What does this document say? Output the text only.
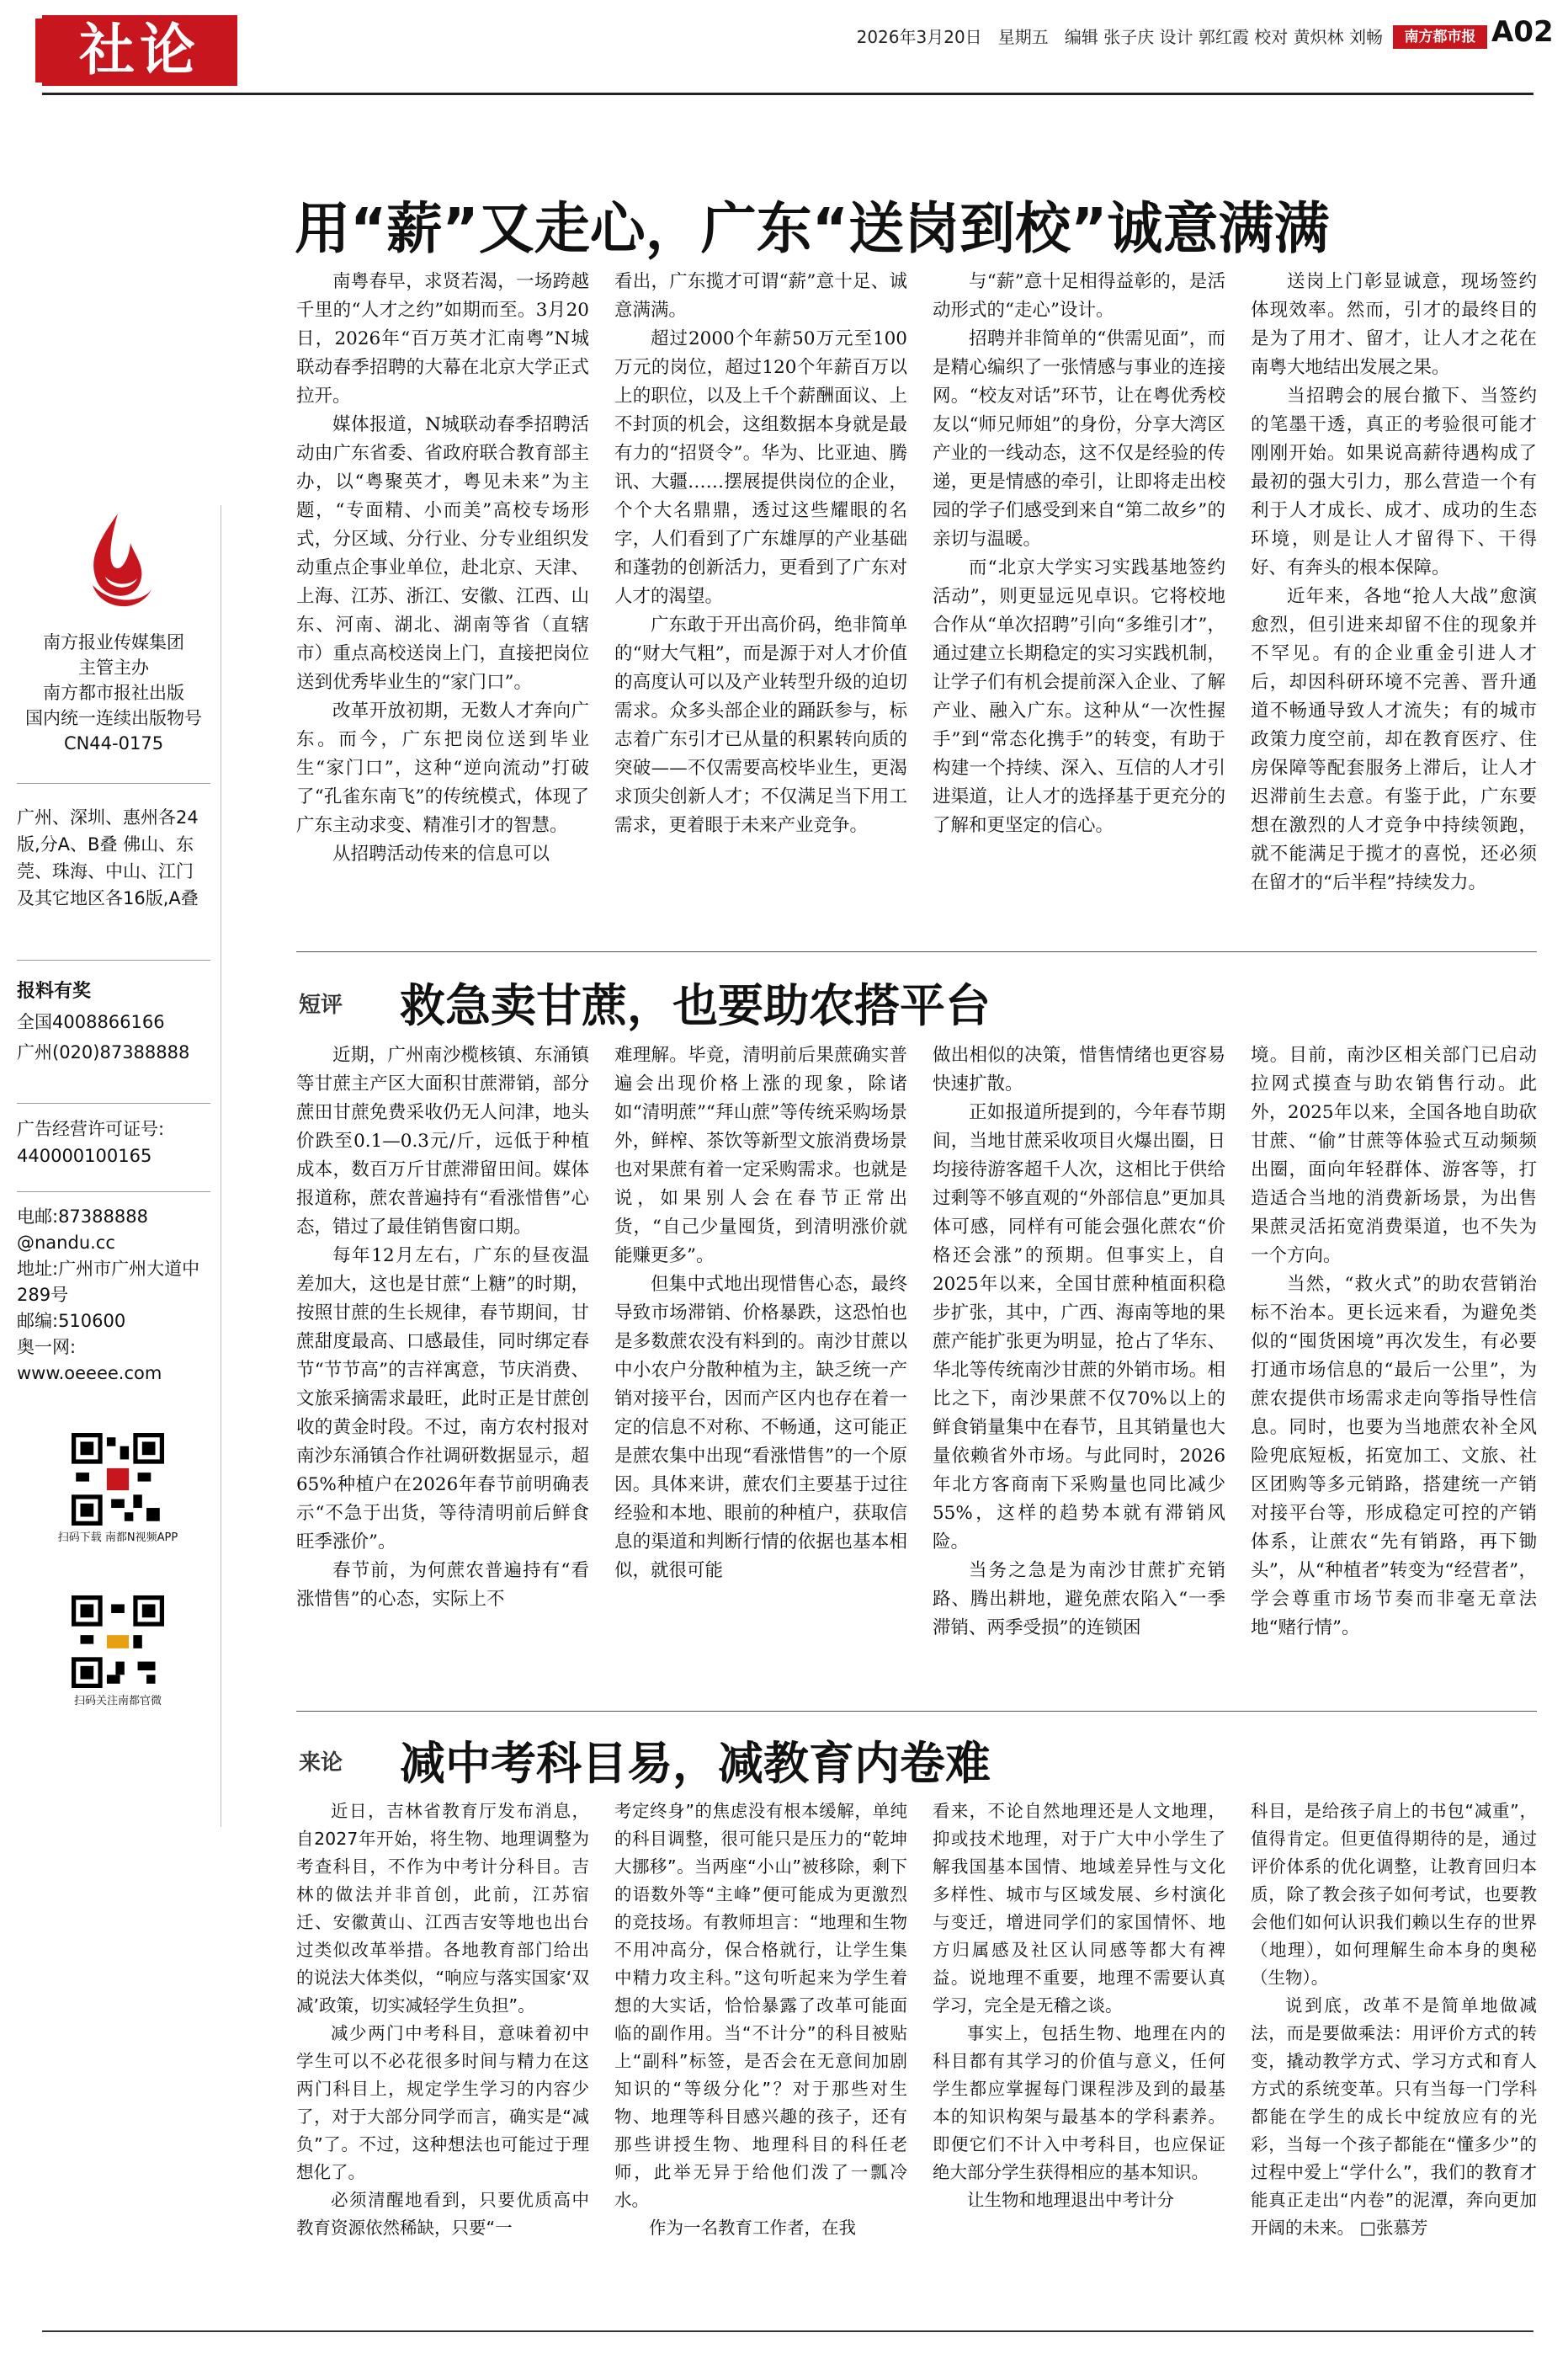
社论	2026年3月20日 星期五 编辑 张子庆 设计 郭红霞 校对 黄炽林 刘畅	南方都市报 A02
南方报业传媒集团
主管主办
南方都市报社出版
国内统一连续出版物号
CN44-0175
广州、深圳、惠州各24版,分A、B叠 佛山、东莞、珠海、中山、江门及其它地区各16版,A叠
报料有奖
全国4008866166
广州(020)87388888
广告经营许可证号:
440000100165
电邮:87388888
@nandu.cc
地址:广州市广州大道中289号
邮编:510600
奥一网:
www.oeeee.com
扫码下载 南都N视频APP
扫码关注南都官微
用“薪”又走心，广东“送岗到校”诚意满满

南粤春早，求贤若渴，一场跨越千里的“人才之约”如期而至。3月20日，2026年“百万英才汇南粤”N城联动春季招聘的大幕在北京大学正式拉开。

媒体报道，N城联动春季招聘活动由广东省委、省政府联合教育部主办，以“粤聚英才，粤见未来”为主题，“专面精、小而美”高校专场形式，分区域、分行业、分专业组织发动重点企事业单位，赴北京、天津、上海、江苏、浙江、安徽、江西、山东、河南、湖北、湖南等省（直辖市）重点高校送岗上门，直接把岗位送到优秀毕业生的“家门口”。

改革开放初期，无数人才奔向广东。而今，广东把岗位送到毕业生“家门口”，这种“逆向流动”打破了“孔雀东南飞”的传统模式，体现了广东主动求变、精准引才的智慧。

从招聘活动传来的信息可以

看出，广东揽才可谓“薪”意十足、诚意满满。

超过2000个年薪50万元至100万元的岗位，超过120个年薪百万以上的职位，以及上千个薪酬面议、上不封顶的机会，这组数据本身就是最有力的“招贤令”。华为、比亚迪、腾讯、大疆……摆展提供岗位的企业，个个大名鼎鼎，透过这些耀眼的名字，人们看到了广东雄厚的产业基础和蓬勃的创新活力，更看到了广东对人才的渴望。

广东敢于开出高价码，绝非简单的“财大气粗”，而是源于对人才价值的高度认可以及产业转型升级的迫切需求。众多头部企业的踊跃参与，标志着广东引才已从量的积累转向质的突破——不仅需要高校毕业生，更渴求顶尖创新人才；不仅满足当下用工需求，更着眼于未来产业竞争。

与“薪”意十足相得益彰的，是活动形式的“走心”设计。

招聘并非简单的“供需见面”，而是精心编织了一张情感与事业的连接网。“校友对话”环节，让在粤优秀校友以“师兄师姐”的身份，分享大湾区产业的一线动态，这不仅是经验的传递，更是情感的牵引，让即将走出校园的学子们感受到来自“第二故乡”的亲切与温暖。

而“北京大学实习实践基地签约活动”，则更显远见卓识。它将校地合作从“单次招聘”引向“多维引才”，通过建立长期稳定的实习实践机制，让学子们有机会提前深入企业、了解产业、融入广东。这种从“一次性握手”到“常态化携手”的转变，有助于构建一个持续、深入、互信的人才引进渠道，让人才的选择基于更充分的了解和更坚定的信心。

送岗上门彰显诚意，现场签约体现效率。然而，引才的最终目的是为了用才、留才，让人才之花在南粤大地结出发展之果。

当招聘会的展台撤下、当签约的笔墨干透，真正的考验很可能才刚刚开始。如果说高薪待遇构成了最初的强大引力，那么营造一个有利于人才成长、成才、成功的生态环境，则是让人才留得下、干得好、有奔头的根本保障。

近年来，各地“抢人大战”愈演愈烈，但引进来却留不住的现象并不罕见。有的企业重金引进人才后，却因科研环境不完善、晋升通道不畅通导致人才流失；有的城市政策力度空前，却在教育医疗、住房保障等配套服务上滞后，让人才迟滞前生去意。有鉴于此，广东要想在激烈的人才竞争中持续领跑，就不能满足于揽才的喜悦，还必须在留才的“后半程”持续发力。

短评 救急卖甘蔗，也要助农搭平台

近期，广州南沙榄核镇、东涌镇等甘蔗主产区大面积甘蔗滞销，部分蔗田甘蔗免费采收仍无人问津，地头价跌至0.1—0.3元/斤，远低于种植成本，数百万斤甘蔗滞留田间。媒体报道称，蔗农普遍持有“看涨惜售”心态，错过了最佳销售窗口期。

每年12月左右，广东的昼夜温差加大，这也是甘蔗“上糖”的时期，按照甘蔗的生长规律，春节期间，甘蔗甜度最高、口感最佳，同时绑定春节“节节高”的吉祥寓意，节庆消费、文旅采摘需求最旺，此时正是甘蔗创收的黄金时段。不过，南方农村报对南沙东涌镇合作社调研数据显示，超65%种植户在2026年春节前明确表示“不急于出货，等待清明前后鲜食旺季涨价”。

春节前，为何蔗农普遍持有“看涨惜售”的心态，实际上不

难理解。毕竟，清明前后果蔗确实普遍会出现价格上涨的现象，除诸如“清明蔗”“拜山蔗”等传统采购场景外，鲜榨、茶饮等新型文旅消费场景也对果蔗有着一定采购需求。也就是说，如果别人会在春节正常出货，“自己少量囤货，到清明涨价就能赚更多”。

但集中式地出现惜售心态，最终导致市场滞销、价格暴跌，这恐怕也是多数蔗农没有料到的。南沙甘蔗以中小农户分散种植为主，缺乏统一产销对接平台，因而产区内也存在着一定的信息不对称、不畅通，这可能正是蔗农集中出现“看涨惜售”的一个原因。具体来讲，蔗农们主要基于过往经验和本地、眼前的种植户，获取信息的渠道和判断行情的依据也基本相似，就很可能

做出相似的决策，惜售情绪也更容易快速扩散。

正如报道所提到的，今年春节期间，当地甘蔗采收项目火爆出圈，日均接待游客超千人次，这相比于供给过剩等不够直观的“外部信息”更加具体可感，同样有可能会强化蔗农“价格还会涨”的预期。但事实上，自2025年以来，全国甘蔗种植面积稳步扩张，其中，广西、海南等地的果蔗产能扩张更为明显，抢占了华东、华北等传统南沙甘蔗的外销市场。相比之下，南沙果蔗不仅70%以上的鲜食销量集中在春节，且其销量也大量依赖省外市场。与此同时，2026年北方客商南下采购量也同比减少55%，这样的趋势本就有滞销风险。

当务之急是为南沙甘蔗扩充销路、腾出耕地，避免蔗农陷入“一季滞销、两季受损”的连锁困

境。目前，南沙区相关部门已启动拉网式摸查与助农销售行动。此外，2025年以来，全国各地自助砍甘蔗、“偷”甘蔗等体验式互动频频出圈，面向年轻群体、游客等，打造适合当地的消费新场景，为出售果蔗灵活拓宽消费渠道，也不失为一个方向。

当然，“救火式”的助农营销治标不治本。更长远来看，为避免类似的“囤货困境”再次发生，有必要打通市场信息的“最后一公里”，为蔗农提供市场需求走向等指导性信息。同时，也要为当地蔗农补全风险兜底短板，拓宽加工、文旅、社区团购等多元销路，搭建统一产销对接平台等，形成稳定可控的产销体系，让蔗农“先有销路，再下锄头”，从“种植者”转变为“经营者”，学会尊重市场节奏而非毫无章法地“赌行情”。

来论 减中考科目易，减教育内卷难

近日，吉林省教育厅发布消息，自2027年开始，将生物、地理调整为考查科目，不作为中考计分科目。吉林的做法并非首创，此前，江苏宿迁、安徽黄山、江西吉安等地也出台过类似改革举措。各地教育部门给出的说法大体类似，“响应与落实国家‘双减’政策，切实减轻学生负担”。

减少两门中考科目，意味着初中学生可以不必花很多时间与精力在这两门科目上，规定学生学习的内容少了，对于大部分同学而言，确实是“减负”了。不过，这种想法也可能过于理想化了。

必须清醒地看到，只要优质高中教育资源依然稀缺，只要“一

考定终身”的焦虑没有根本缓解，单纯的科目调整，很可能只是压力的“乾坤大挪移”。当两座“小山”被移除，剩下的语数外等“主峰”便可能成为更激烈的竞技场。有教师坦言：“地理和生物不用冲高分，保合格就行，让学生集中精力攻主科。”这句听起来为学生着想的大实话，恰恰暴露了改革可能面临的副作用。当“不计分”的科目被贴上“副科”标签，是否会在无意间加剧知识的“等级分化”？对于那些对生物、地理等科目感兴趣的孩子，还有那些讲授生物、地理科目的科任老师，此举无异于给他们泼了一瓢冷水。

作为一名教育工作者，在我

看来，不论自然地理还是人文地理，抑或技术地理，对于广大中小学生了解我国基本国情、地域差异性与文化多样性、城市与区域发展、乡村演化与变迁，增进同学们的家国情怀、地方归属感及社区认同感等都大有裨益。说地理不重要，地理不需要认真学习，完全是无稽之谈。

事实上，包括生物、地理在内的科目都有其学习的价值与意义，任何学生都应掌握每门课程涉及到的最基本的知识构架与最基本的学科素养。即便它们不计入中考科目，也应保证绝大部分学生获得相应的基本知识。

让生物和地理退出中考计分

科目，是给孩子肩上的书包“减重”，值得肯定。但更值得期待的是，通过评价体系的优化调整，让教育回归本质，除了教会孩子如何考试，也要教会他们如何认识我们赖以生存的世界（地理），如何理解生命本身的奥秘（生物）。

说到底，改革不是简单地做减法，而是要做乘法：用评价方式的转变，撬动教学方式、学习方式和育人方式的系统变革。只有当每一门学科都能在学生的成长中绽放应有的光彩，当每一个孩子都能在“懂多少”的过程中爱上“学什么”，我们的教育才能真正走出“内卷”的泥潭，奔向更加开阔的未来。 □张慕芳
